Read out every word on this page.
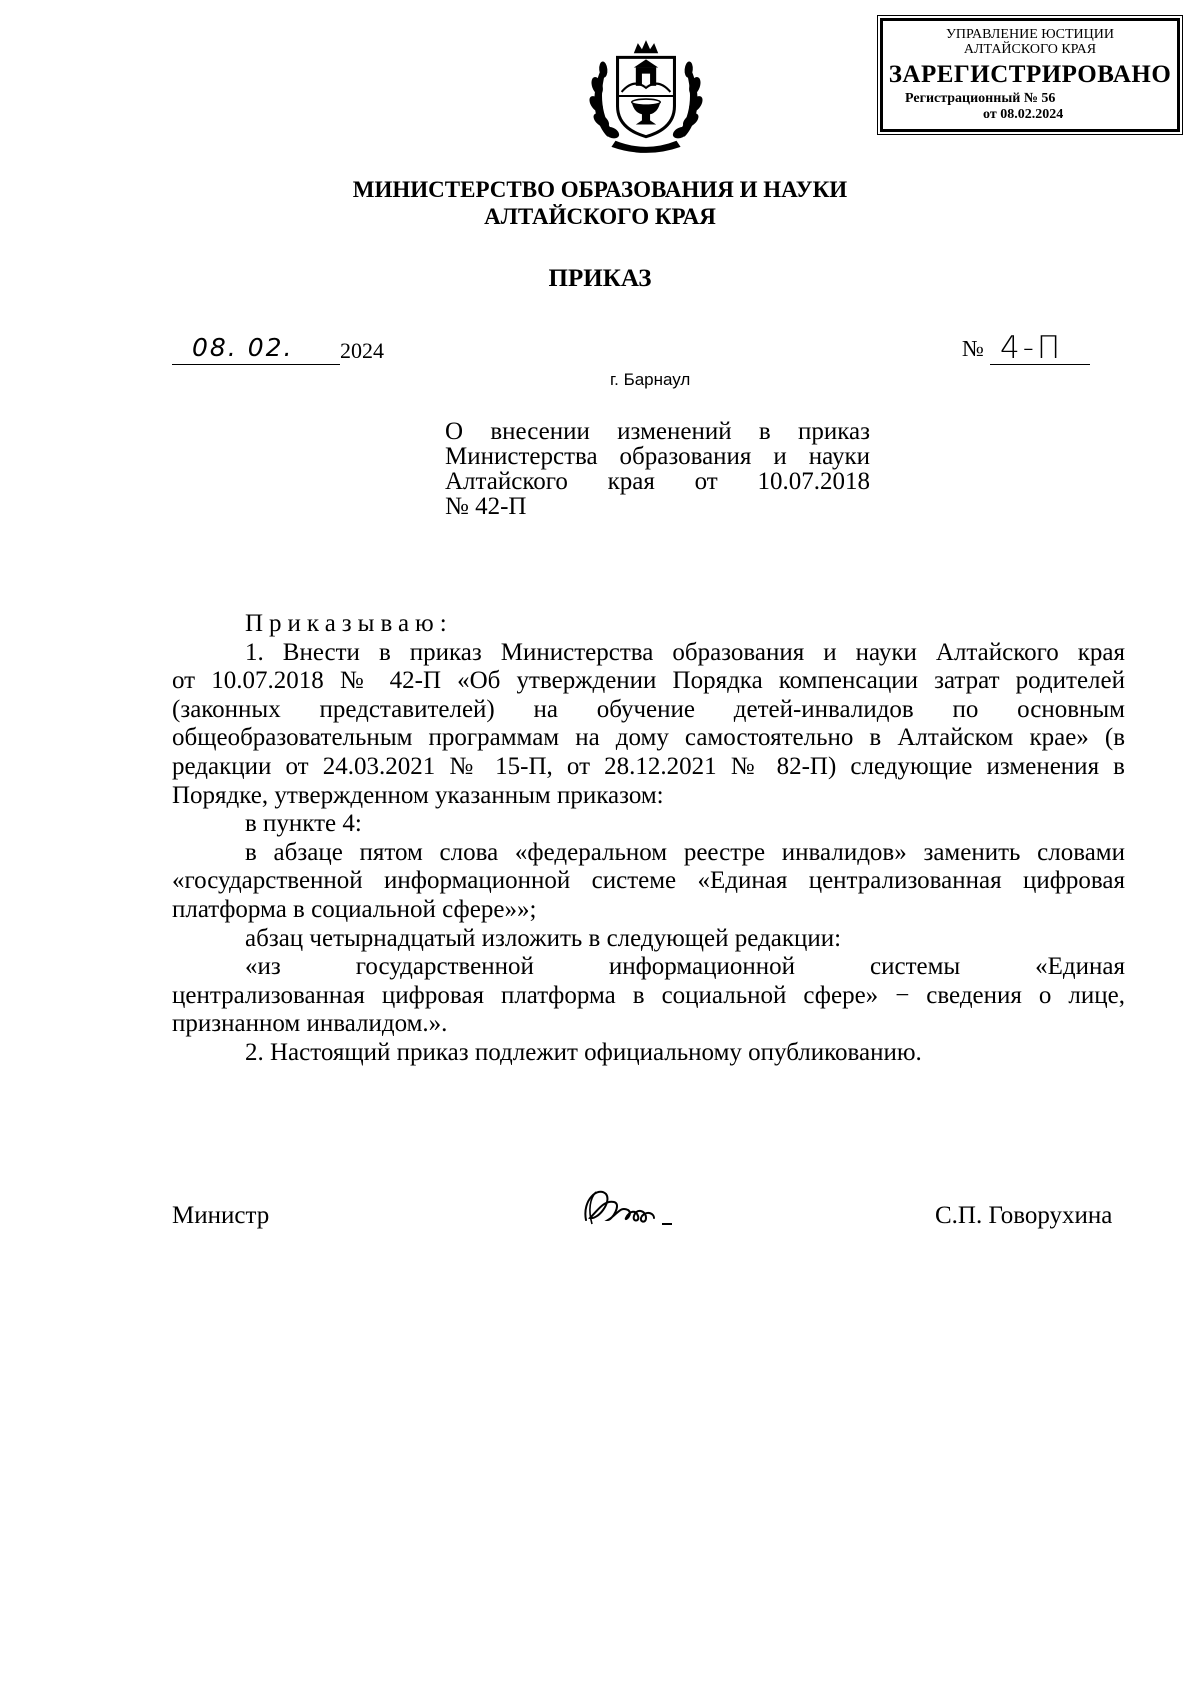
УПРАВЛЕНИЕ ЮСТИЦИИ
АЛТАЙСКОГО КРАЯ
ЗАРЕГИСТРИРОВАНО
Регистрационный № 56
от 08.02.2024
МИНИСТЕРСТВО ОБРАЗОВАНИЯ И НАУКИ
АЛТАЙСКОГО КРАЯ
ПРИКАЗ
08. 02. 2024	№ 4-П
г. Барнаул
О внесении изменений в приказ
Министерства образования и науки
Алтайского края от 10.07.2018
№ 42-П

Приказываю:

1. Внести в приказ Министерства образования и науки Алтайского края

от 10.07.2018 № 42-П «Об утверждении Порядка компенсации затрат родителей (законных представителей) на обучение детей-инвалидов по основным общеобразовательным программам на дому самостоятельно в Алтайском крае» (в редакции от 24.03.2021 № 15-П, от 28.12.2021 № 82-П) следующие изменения в Порядке, утвержденном указанным приказом:

в пункте 4:

в абзаце пятом слова «федеральном реестре инвалидов» заменить словами

«государственной информационной системе «Единая централизованная цифровая платформа в социальной сфере»»;

абзац четырнадцатый изложить в следующей редакции:

«из государственной информационной системы «Единая

централизованная цифровая платформа в социальной сфере» − сведения о лице, признанном инвалидом.».

2. Настоящий приказ подлежит официальному опубликованию.

Министр	С.П. Говорухина
